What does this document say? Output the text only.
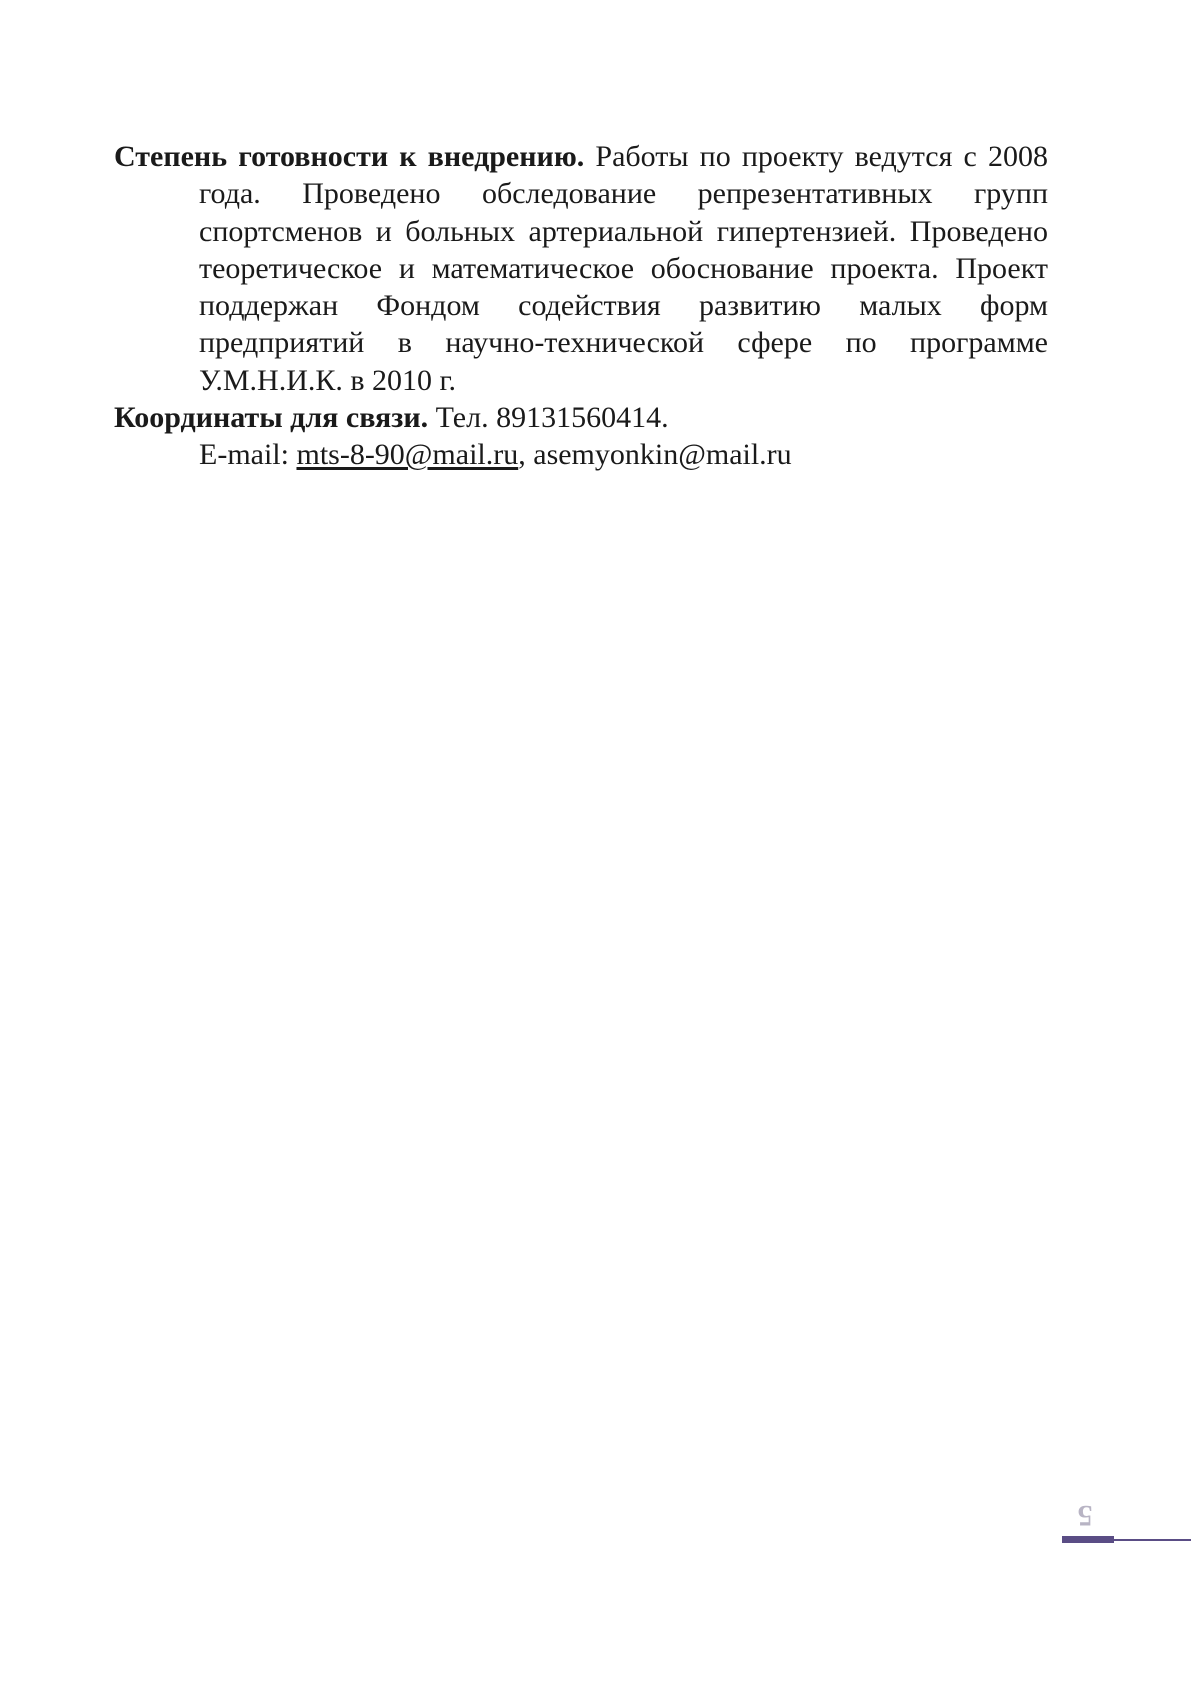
Степень готовности к внедрению. Работы по проекту ведутся с 2008 года. Проведено обследование репрезентативных групп спортсменов и больных артериальной гипертензией. Проведено теоретическое и математическое обоснование проекта. Проект поддержан Фондом содействия развитию малых форм предприятий в научно-технической сфере по программе У.М.Н.И.К. в 2010 г.

Координаты для связи. Тел. 89131560414.

E-mail: mts-8-90@mail.ru, asemyonkin@mail.ru

5
